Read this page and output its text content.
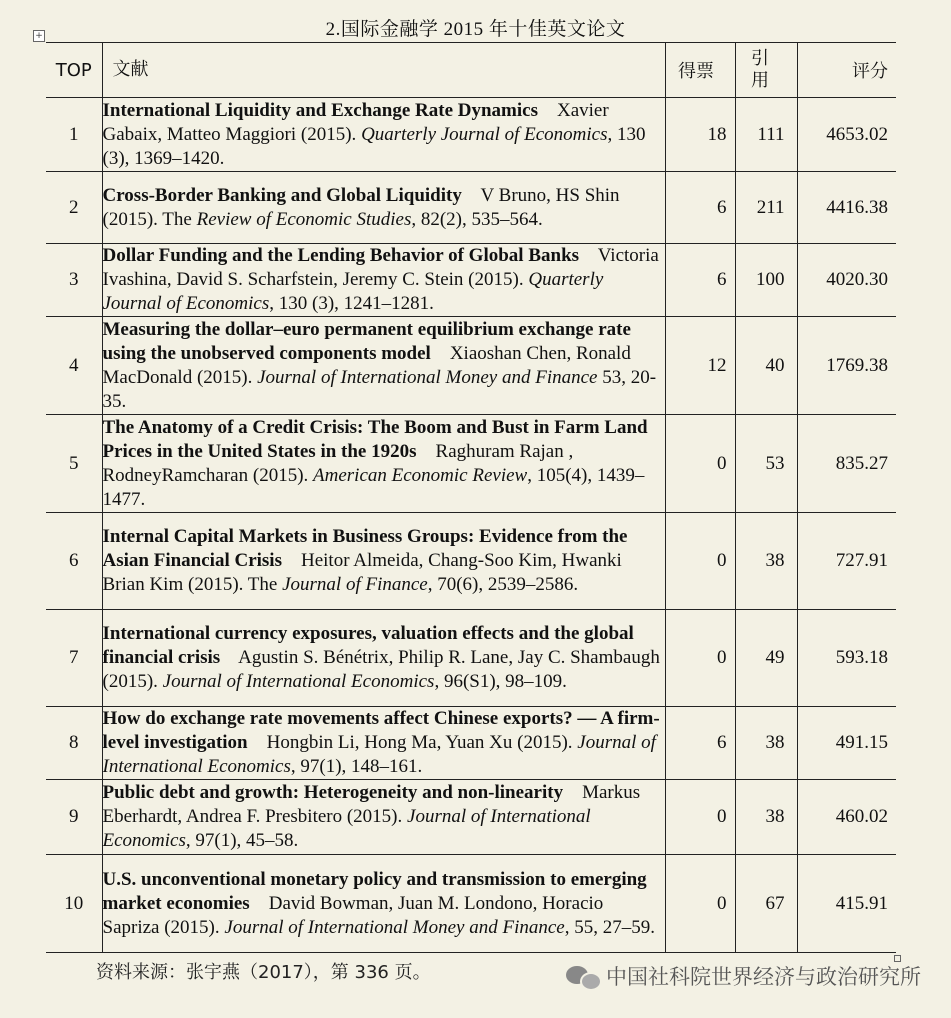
2.国际金融学 2015 年十佳英文论文
+
TOP	文献	得票	引用	评分
1	International Liquidity and Exchange Rate Dynamics Xavier Gabaix, Matteo Maggiori (2015). Quarterly Journal of Economics, 130 (3), 1369–1420.	18	111	4653.02
2	Cross-Border Banking and Global Liquidity V Bruno, HS Shin (2015). The Review of Economic Studies, 82(2), 535–564.	6	211	4416.38
3	Dollar Funding and the Lending Behavior of Global Banks Victoria Ivashina, David S. Scharfstein, Jeremy C. Stein (2015). Quarterly Journal of Economics, 130 (3), 1241–1281.	6	100	4020.30
4	Measuring the dollar–euro permanent equilibrium exchange rate using the unobserved components model Xiaoshan Chen, Ronald MacDonald (2015). Journal of International Money and Finance 53, 20-35.	12	40	1769.38
5	The Anatomy of a Credit Crisis: The Boom and Bust in Farm Land Prices in the United States in the 1920s Raghuram Rajan , RodneyRamcharan (2015). American Economic Review, 105(4), 1439–1477.	0	53	835.27
6	Internal Capital Markets in Business Groups: Evidence from the Asian Financial Crisis Heitor Almeida, Chang-Soo Kim, Hwanki Brian Kim (2015). The Journal of Finance, 70(6), 2539–2586.	0	38	727.91
7	International currency exposures, valuation effects and the global financial crisis Agustin S. Bénétrix, Philip R. Lane, Jay C. Shambaugh (2015). Journal of International Economics, 96(S1), 98–109.	0	49	593.18
8	How do exchange rate movements affect Chinese exports? — A firm-level investigation Hongbin Li, Hong Ma, Yuan Xu (2015). Journal of International Economics, 97(1), 148–161.	6	38	491.15
9	Public debt and growth: Heterogeneity and non-linearity Markus Eberhardt, Andrea F. Presbitero (2015). Journal of International Economics, 97(1), 45–58.	0	38	460.02
10	U.S. unconventional monetary policy and transmission to emerging market economies David Bowman, Juan M. Londono, Horacio Sapriza (2015). Journal of International Money and Finance, 55, 27–59.	0	67	415.91
资料来源：张宇燕（2017），第 336 页。	中国社科院世界经济与政治研究所
